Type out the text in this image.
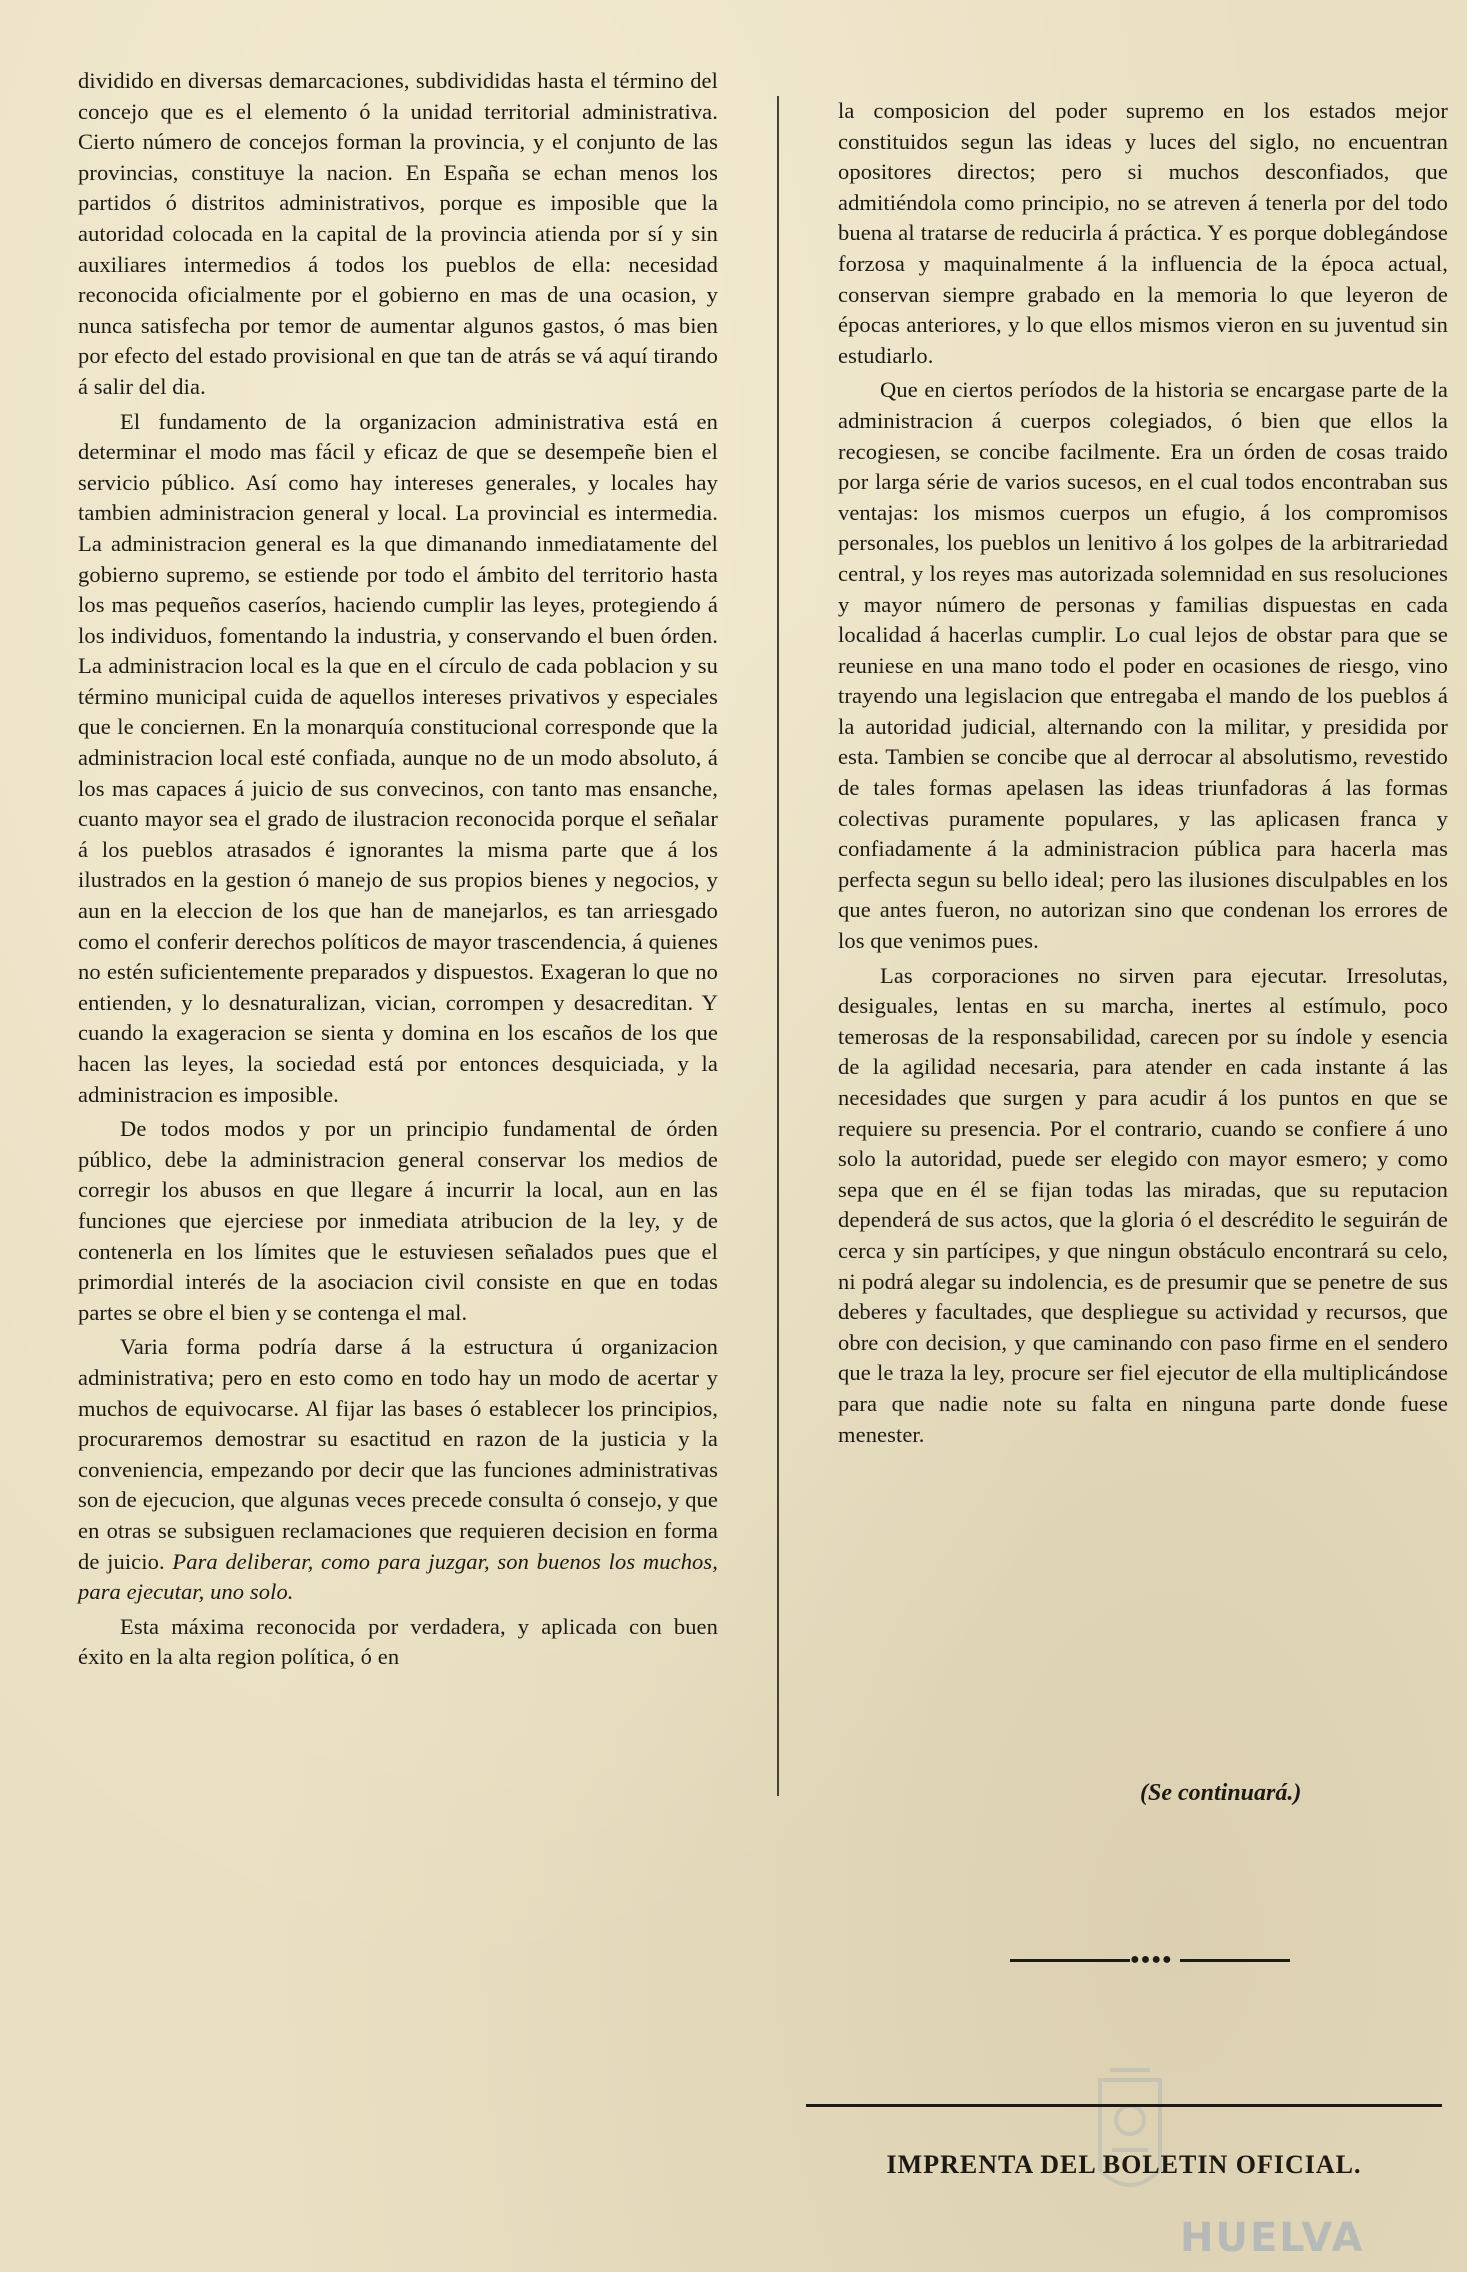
dividido en diversas demarcaciones, subdivididas hasta el término del concejo que es el elemento ó la unidad territorial administrativa. Cierto número de concejos forman la provincia, y el conjunto de las provincias, constituye la nacion. En España se echan menos los partidos ó distritos administrativos, porque es imposible que la autoridad colocada en la capital de la provincia atienda por sí y sin auxiliares intermedios á todos los pueblos de ella: necesidad reconocida oficialmente por el gobierno en mas de una ocasion, y nunca satisfecha por temor de aumentar algunos gastos, ó mas bien por efecto del estado provisional en que tan de atrás se vá aquí tirando á salir del dia.

El fundamento de la organizacion administrativa está en determinar el modo mas fácil y eficaz de que se desempeñe bien el servicio público. Así como hay intereses generales, y locales hay tambien administracion general y local. La provincial es intermedia. La administracion general es la que dimanando inmediatamente del gobierno supremo, se estiende por todo el ámbito del territorio hasta los mas pequeños caseríos, haciendo cumplir las leyes, protegiendo á los individuos, fomentando la industria, y conservando el buen órden. La administracion local es la que en el círculo de cada poblacion y su término municipal cuida de aquellos intereses privativos y especiales que le conciernen. En la monarquía constitucional corresponde que la administracion local esté confiada, aunque no de un modo absoluto, á los mas capaces á juicio de sus convecinos, con tanto mas ensanche, cuanto mayor sea el grado de ilustracion reconocida porque el señalar á los pueblos atrasados é ignorantes la misma parte que á los ilustrados en la gestion ó manejo de sus propios bienes y negocios, y aun en la eleccion de los que han de manejarlos, es tan arriesgado como el conferir derechos políticos de mayor trascendencia, á quienes no estén suficientemente preparados y dispuestos. Exageran lo que no entienden, y lo desnaturalizan, vician, corrompen y desacreditan. Y cuando la exageracion se sienta y domina en los escaños de los que hacen las leyes, la sociedad está por entonces desquiciada, y la administracion es imposible.

De todos modos y por un principio fundamental de órden público, debe la administracion general conservar los medios de corregir los abusos en que llegare á incurrir la local, aun en las funciones que ejerciese por inmediata atribucion de la ley, y de contenerla en los límites que le estuviesen señalados pues que el primordial interés de la asociacion civil consiste en que en todas partes se obre el bien y se contenga el mal.

Varia forma podría darse á la estructura ú organizacion administrativa; pero en esto como en todo hay un modo de acertar y muchos de equivocarse. Al fijar las bases ó establecer los principios, procuraremos demostrar su esactitud en razon de la justicia y la conveniencia, empezando por decir que las funciones administrativas son de ejecucion, que algunas veces precede consulta ó consejo, y que en otras se subsiguen reclamaciones que requieren decision en forma de juicio. Para deliberar, como para juzgar, son buenos los muchos, para ejecutar, uno solo.

Esta máxima reconocida por verdadera, y aplicada con buen éxito en la alta region política, ó en

la composicion del poder supremo en los estados mejor constituidos segun las ideas y luces del siglo, no encuentran opositores directos; pero si muchos desconfiados, que admitiéndola como principio, no se atreven á tenerla por del todo buena al tratarse de reducirla á práctica. Y es porque doblegándose forzosa y maquinalmente á la influencia de la época actual, conservan siempre grabado en la memoria lo que leyeron de épocas anteriores, y lo que ellos mismos vieron en su juventud sin estudiarlo.

Que en ciertos períodos de la historia se encargase parte de la administracion á cuerpos colegiados, ó bien que ellos la recogiesen, se concibe facilmente. Era un órden de cosas traido por larga série de varios sucesos, en el cual todos encontraban sus ventajas: los mismos cuerpos un efugio, á los compromisos personales, los pueblos un lenitivo á los golpes de la arbitrariedad central, y los reyes mas autorizada solemnidad en sus resoluciones y mayor número de personas y familias dispuestas en cada localidad á hacerlas cumplir. Lo cual lejos de obstar para que se reuniese en una mano todo el poder en ocasiones de riesgo, vino trayendo una legislacion que entregaba el mando de los pueblos á la autoridad judicial, alternando con la militar, y presidida por esta. Tambien se concibe que al derrocar al absolutismo, revestido de tales formas apelasen las ideas triunfadoras á las formas colectivas puramente populares, y las aplicasen franca y confiadamente á la administracion pública para hacerla mas perfecta segun su bello ideal; pero las ilusiones disculpables en los que antes fueron, no autorizan sino que condenan los errores de los que venimos pues.

Las corporaciones no sirven para ejecutar. Irresolutas, desiguales, lentas en su marcha, inertes al estímulo, poco temerosas de la responsabilidad, carecen por su índole y esencia de la agilidad necesaria, para atender en cada instante á las necesidades que surgen y para acudir á los puntos en que se requiere su presencia. Por el contrario, cuando se confiere á uno solo la autoridad, puede ser elegido con mayor esmero; y como sepa que en él se fijan todas las miradas, que su reputacion dependerá de sus actos, que la gloria ó el descrédito le seguirán de cerca y sin partícipes, y que ningun obstáculo encontrará su celo, ni podrá alegar su indolencia, es de presumir que se penetre de sus deberes y facultades, que despliegue su actividad y recursos, que obre con decision, y que caminando con paso firme en el sendero que le traza la ley, procure ser fiel ejecutor de ella multiplicándose para que nadie note su falta en ninguna parte donde fuese menester.

(Se continuará.)
●●●●
HUELVA
IMPRENTA DEL BOLETIN OFICIAL.
